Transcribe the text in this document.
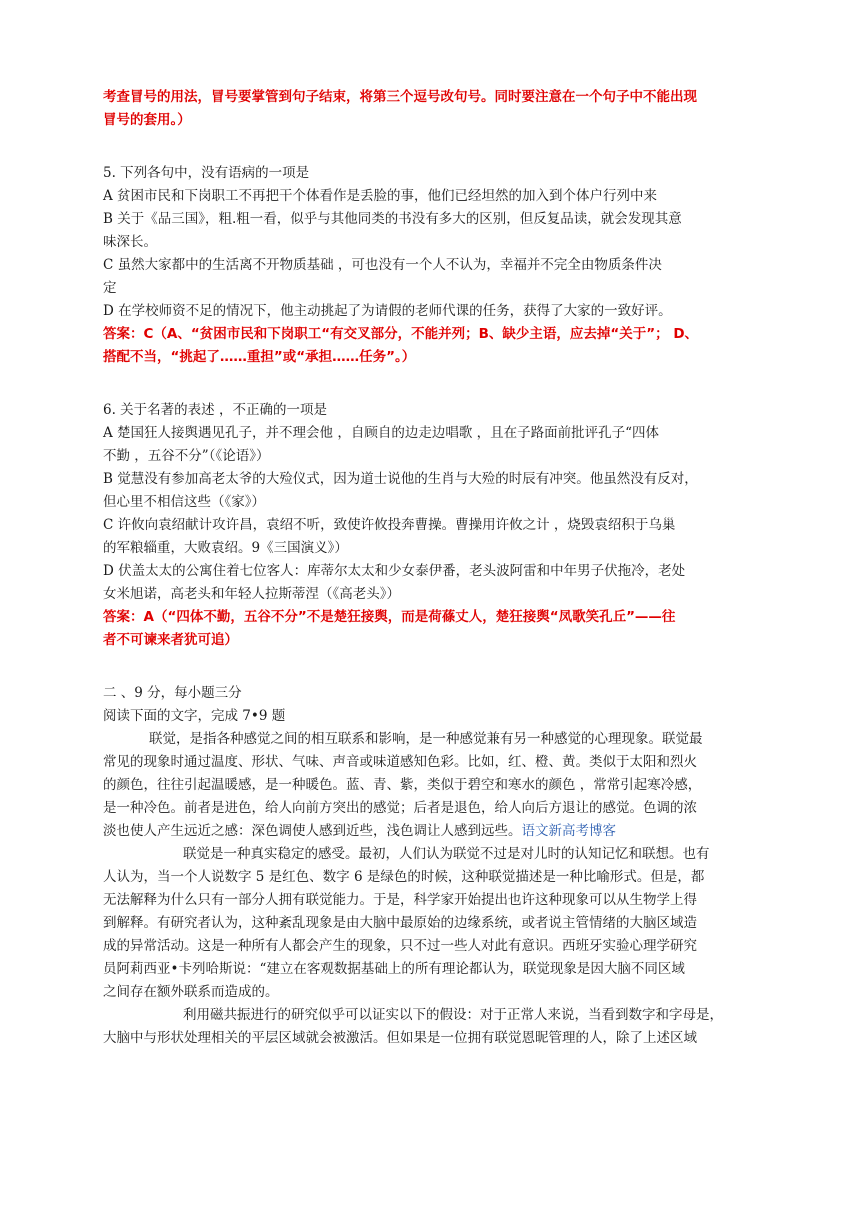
考查冒号的用法，冒号要掌管到句子结束，将第三个逗号改句号。同时要注意在一个句子中不能出现
冒号的套用。）
5. 下列各句中，没有语病的一项是
A 贫困市民和下岗职工不再把干个体看作是丢脸的事，他们已经坦然的加入到个体户行列中来
B 关于《品三国》，粗.粗一看，似乎与其他同类的书没有多大的区别，但反复品读，就会发现其意
味深长。
C 虽然大家都中的生活离不开物质基础 ，可也没有一个人不认为，幸福并不完全由物质条件决
定
D 在学校师资不足的情况下，他主动挑起了为请假的老师代课的任务，获得了大家的一致好评。
答案：C（A、“贫困市民和下岗职工“有交叉部分，不能并列；B、缺少主语，应去掉“关于”； D、
搭配不当，“挑起了……重担”或“承担……任务”。）
6. 关于名著的表述 ，不正确的一项是
A 楚国狂人接舆遇见孔子，并不理会他 ，自顾自的边走边唱歌 ，且在子路面前批评孔子“四体
不勤 ，五谷不分”（《论语》）
B 觉慧没有参加高老太爷的大殓仪式，因为道士说他的生肖与大殓的时辰有冲突。他虽然没有反对，
但心里不相信这些（《家》）
C 许攸向袁绍献计攻许昌，袁绍不听，致使许攸投奔曹操。曹操用许攸之计 ，烧毁袁绍积于乌巢
的军粮辎重，大败袁绍。9《三国演义》）
D 伏盖太太的公寓住着七位客人：库蒂尔太太和少女泰伊番，老头波阿雷和中年男子伏拖冷，老处
女米旭诺，高老头和年轻人拉斯蒂涅（《高老头》）
答案：A（“四体不勤，五谷不分”不是楚狂接舆，而是荷蓧丈人，楚狂接舆“凤歌笑孔丘”——往
者不可谏来者犹可追）
二 、9 分，每小题三分
阅读下面的文字，完成 7•9 题
联觉，是指各种感觉之间的相互联系和影响，是一种感觉兼有另一种感觉的心理现象。联觉最
常见的现象时通过温度、形状、气味、声音或味道感知色彩。比如，红、橙、黄。类似于太阳和烈火
的颜色，往往引起温暖感，是一种暖色。蓝、青、紫，类似于碧空和寒水的颜色 ，常常引起寒冷感，
是一种冷色。前者是进色，给人向前方突出的感觉；后者是退色，给人向后方退让的感觉。色调的浓
淡也使人产生远近之感：深色调使人感到近些，浅色调让人感到远些。语文新高考博客
联觉是一种真实稳定的感受。最初，人们认为联觉不过是对儿时的认知记忆和联想。也有
人认为，当一个人说数字 5 是红色、数字 6 是绿色的时候，这种联觉描述是一种比喻形式。但是，都
无法解释为什么只有一部分人拥有联觉能力。于是，科学家开始提出也许这种现象可以从生物学上得
到解释。有研究者认为，这种紊乱现象是由大脑中最原始的边缘系统，或者说主管情绪的大脑区域造
成的异常活动。这是一种所有人都会产生的现象，只不过一些人对此有意识。西班牙实验心理学研究
员阿莉西亚•卡列哈斯说：“建立在客观数据基础上的所有理论都认为，联觉现象是因大脑不同区域
之间存在额外联系而造成的。
利用磁共振进行的研究似乎可以证实以下的假设：对于正常人来说，当看到数字和字母是，
大脑中与形状处理相关的平层区域就会被激活。但如果是一位拥有联觉恩昵管理的人，除了上述区域
